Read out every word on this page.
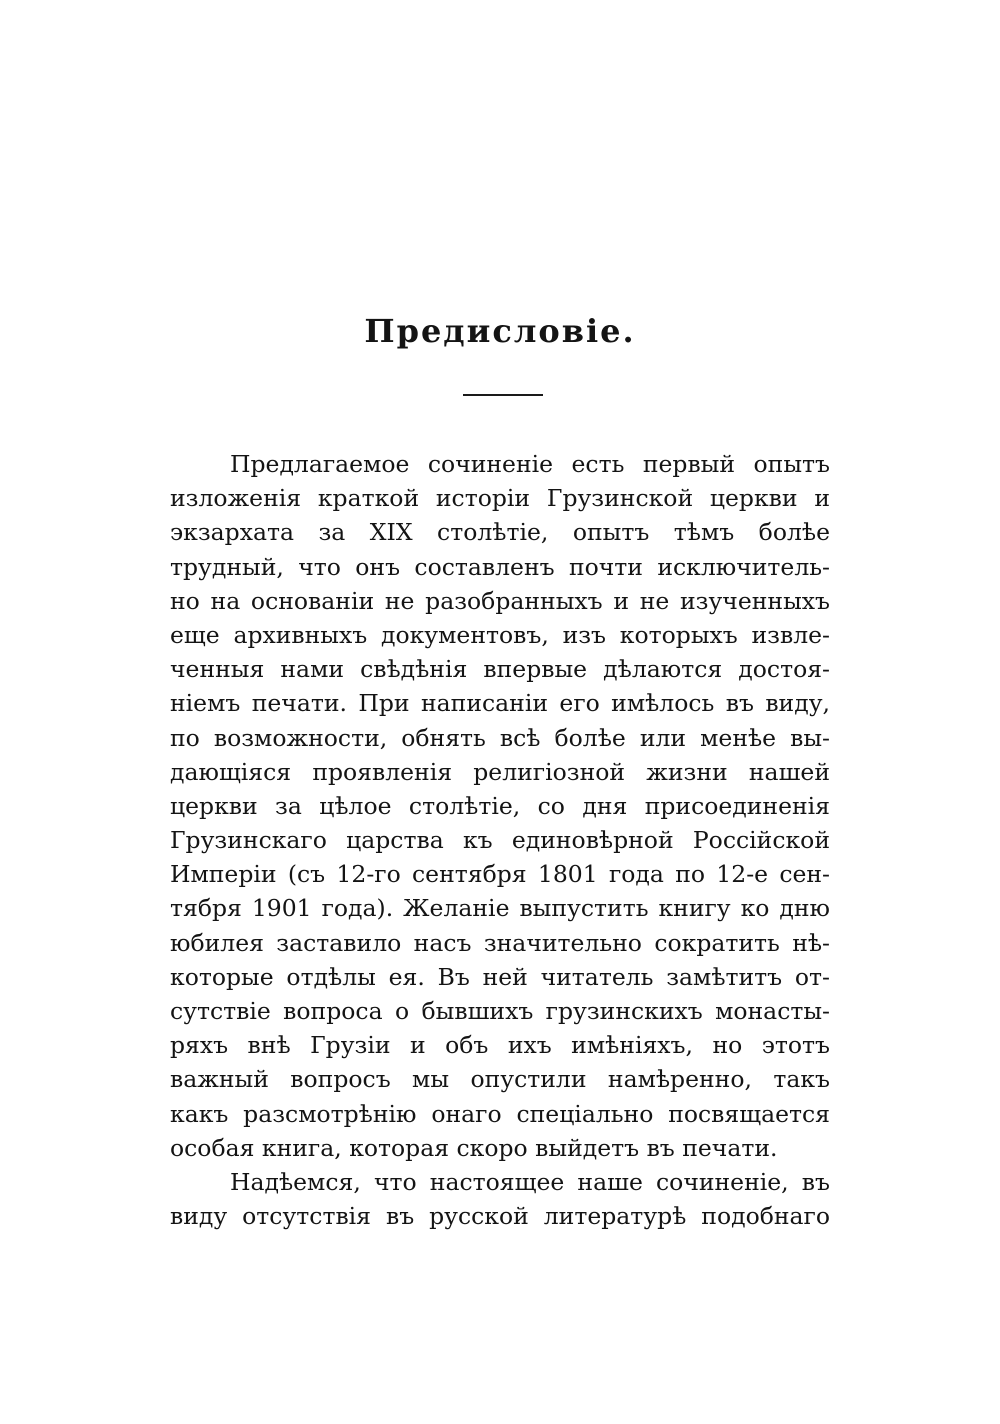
Предисловіе.
Предлагаемое сочиненіе есть первый опытъ
изложенія краткой исторіи Грузинской церкви и
экзархата за XIX столѣтіе, опытъ тѣмъ болѣе
трудный, что онъ составленъ почти исключитель-
но на основаніи не разобранныхъ и не изученныхъ
еще архивныхъ документовъ, изъ которыхъ извле-
ченныя нами свѣдѣнія впервые дѣлаются достоя-
ніемъ печати. При написаніи его имѣлось въ виду,
по возможности, обнять всѣ болѣе или менѣе вы-
дающіяся проявленія религіозной жизни нашей
церкви за цѣлое столѣтіе, со дня присоединенія
Грузинскаго царства къ единовѣрной Россійской
Имперіи (съ 12-го сентября 1801 года по 12-е сен-
тября 1901 года). Желаніе выпустить книгу ко дню
юбилея заставило насъ значительно сократить нѣ-
которые отдѣлы ея. Въ ней читатель замѣтитъ от-
сутствіе вопроса о бывшихъ грузинскихъ монасты-
ряхъ внѣ Грузіи и объ ихъ имѣніяхъ, но этотъ
важный вопросъ мы опустили намѣренно, такъ
какъ разсмотрѣнію онаго спеціально посвящается
особая книга, которая скоро выйдетъ въ печати.
Надѣемся, что настоящее наше сочиненіе, въ
виду отсутствія въ русской литературѣ подобнаго
